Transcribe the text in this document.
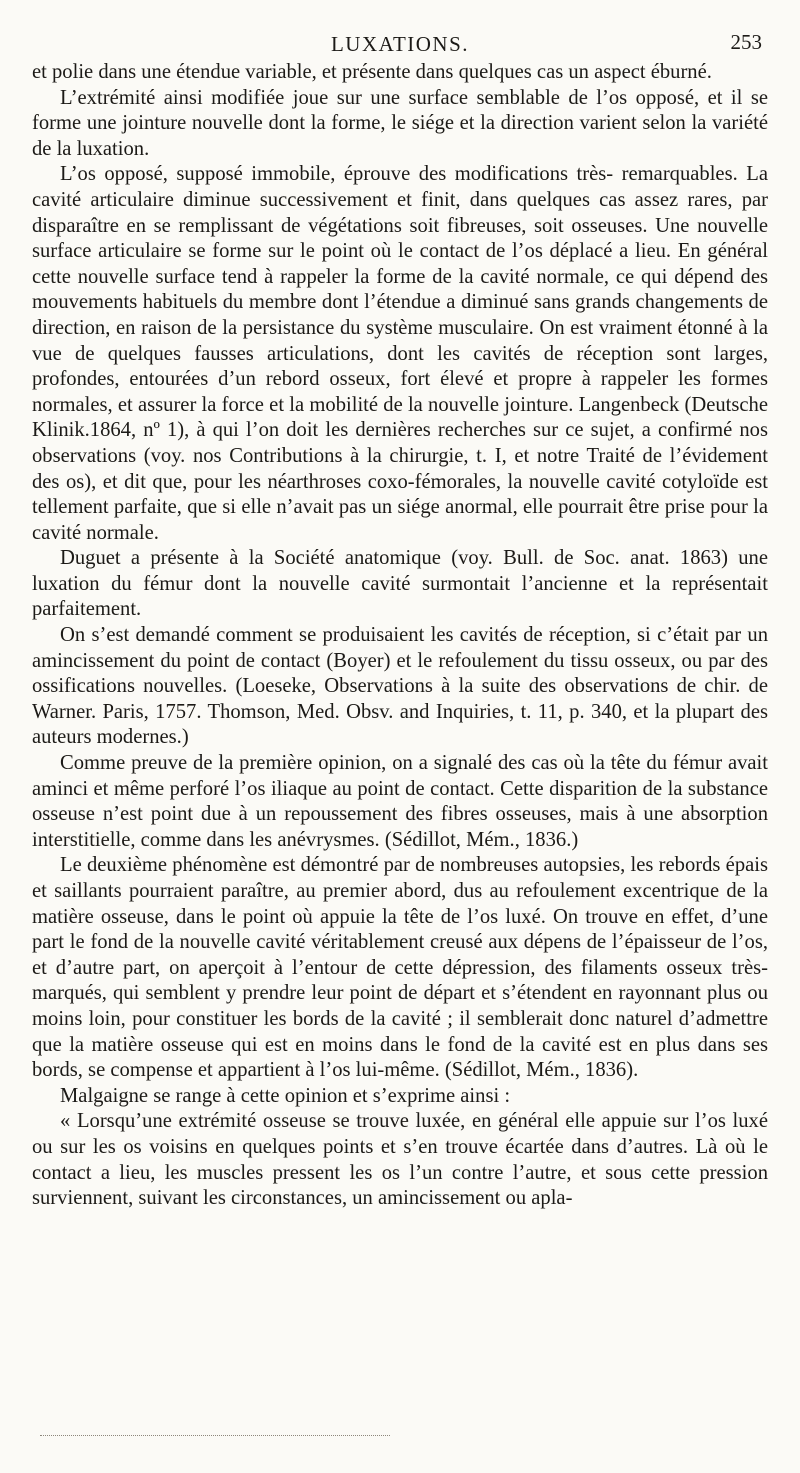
LUXATIONS.	253

et polie dans une étendue variable, et présente dans quelques cas un aspect éburné.

L’extrémité ainsi modifiée joue sur une surface semblable de l’os opposé, et il se forme une jointure nouvelle dont la forme, le siége et la direction varient selon la variété de la luxation.

L’os opposé, supposé immobile, éprouve des modifications très- remarquables. La cavité articulaire diminue successivement et finit, dans quelques cas assez rares, par disparaître en se remplissant de végétations soit fibreuses, soit osseuses. Une nouvelle surface articulaire se forme sur le point où le contact de l’os déplacé a lieu. En général cette nouvelle surface tend à rappeler la forme de la cavité normale, ce qui dépend des mouvements habituels du membre dont l’étendue a diminué sans grands changements de direction, en raison de la persistance du système musculaire. On est vraiment étonné à la vue de quelques fausses articulations, dont les cavités de réception sont larges, profondes, entourées d’un rebord osseux, fort élevé et propre à rappeler les formes normales, et assurer la force et la mobilité de la nouvelle jointure. Langenbeck (Deutsche Klinik.1864, nº 1), à qui l’on doit les dernières recherches sur ce sujet, a confirmé nos observations (voy. nos Contributions à la chirurgie, t. I, et notre Traité de l’évidement des os), et dit que, pour les néarthroses coxo-fémorales, la nouvelle cavité cotyloïde est tellement parfaite, que si elle n’avait pas un siége anormal, elle pourrait être prise pour la cavité normale.

Duguet a présente à la Société anatomique (voy. Bull. de Soc. anat. 1863) une luxation du fémur dont la nouvelle cavité surmontait l’ancienne et la représentait parfaitement.

On s’est demandé comment se produisaient les cavités de réception, si c’était par un amincissement du point de contact (Boyer) et le refoulement du tissu osseux, ou par des ossifications nouvelles. (Loeseke, Observations à la suite des observations de chir. de Warner. Paris, 1757. Thomson, Med. Obsv. and Inquiries, t. 11, p. 340, et la plupart des auteurs modernes.)

Comme preuve de la première opinion, on a signalé des cas où la tête du fémur avait aminci et même perforé l’os iliaque au point de contact. Cette disparition de la substance osseuse n’est point due à un repoussement des fibres osseuses, mais à une absorption interstitielle, comme dans les anévrysmes. (Sédillot, Mém., 1836.)

Le deuxième phénomène est démontré par de nombreuses autopsies, les rebords épais et saillants pourraient paraître, au premier abord, dus au refoulement excentrique de la matière osseuse, dans le point où appuie la tête de l’os luxé. On trouve en effet, d’une part le fond de la nouvelle cavité véritablement creusé aux dépens de l’épaisseur de l’os, et d’autre part, on aperçoit à l’entour de cette dépression, des filaments osseux très-marqués, qui semblent y prendre leur point de départ et s’étendent en rayonnant plus ou moins loin, pour constituer les bords de la cavité ; il semblerait donc naturel d’admettre que la matière osseuse qui est en moins dans le fond de la cavité est en plus dans ses bords, se compense et appartient à l’os lui-même. (Sédillot, Mém., 1836).

Malgaigne se range à cette opinion et s’exprime ainsi :

« Lorsqu’une extrémité osseuse se trouve luxée, en général elle appuie sur l’os luxé ou sur les os voisins en quelques points et s’en trouve écartée dans d’autres. Là où le contact a lieu, les muscles pressent les os l’un contre l’autre, et sous cette pression surviennent, suivant les circonstances, un amincissement ou apla-
